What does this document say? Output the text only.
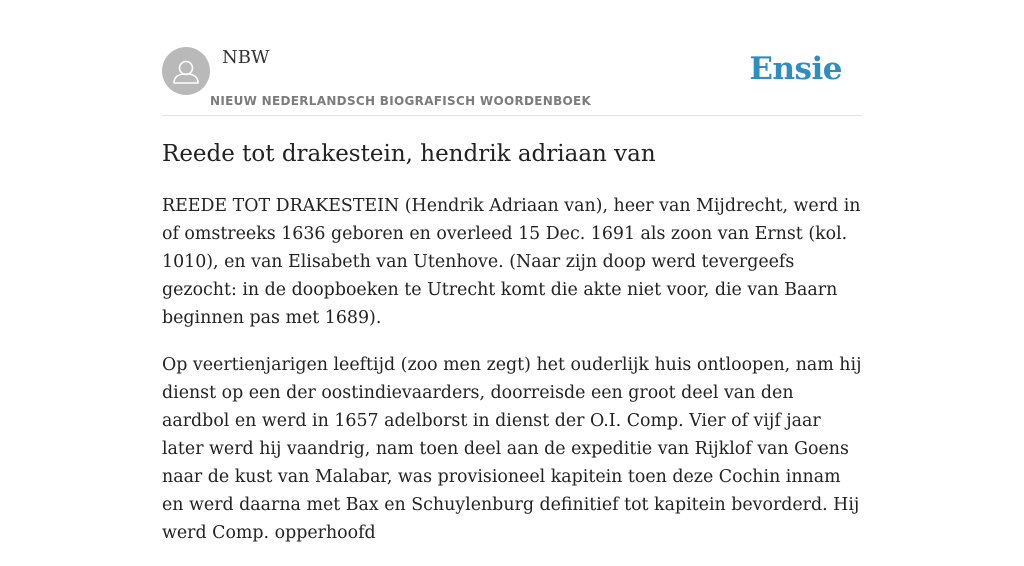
NBW
NIEUW NEDERLANDSCH BIOGRAFISCH WOORDENBOEK
Ensie
Reede tot drakestein, hendrik adriaan van

REEDE TOT DRAKESTEIN (Hendrik Adriaan van), heer van Mijdrecht, werd in of omstreeks 1636 geboren en overleed 15 Dec. 1691 als zoon van Ernst (kol. 1010), en van Elisabeth van Utenhove. (Naar zijn doop werd tevergeefs gezocht: in de doopboeken te Utrecht komt die akte niet voor, die van Baarn beginnen pas met 1689).

Op veertienjarigen leeftijd (zoo men zegt) het ouderlijk huis ontloopen, nam hij dienst op een der oostindievaarders, doorreisde een groot deel van den aardbol en werd in 1657 adelborst in dienst der O.I. Comp. Vier of vijf jaar later werd hij vaandrig, nam toen deel aan de expeditie van Rijklof van Goens naar de kust van Malabar, was provisioneel kapitein toen deze Cochin innam en werd daarna met Bax en Schuylenburg definitief tot kapitein bevorderd. Hij werd Comp. opperhoofd
